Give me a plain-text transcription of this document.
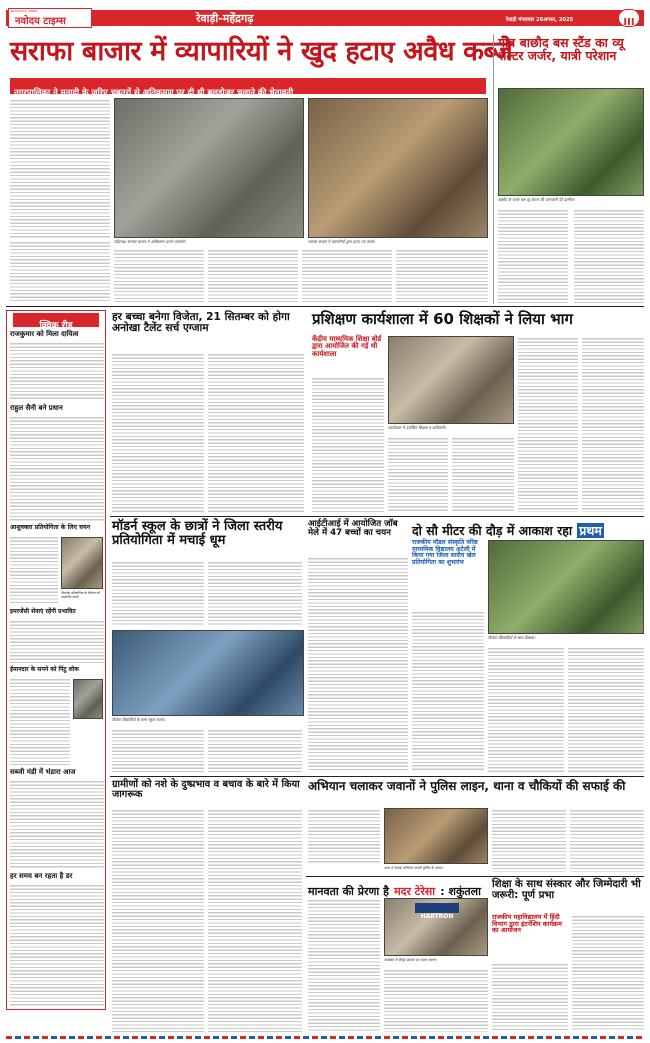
NAVODAYA TIMES
नवोदय टाइम्स	रेवाड़ी-महेंद्रगढ़	रेवाड़ी मंगलवार 26अगस्त, 2025	III
सराफा बाजार में व्यापारियों ने खुद हटाए अवैध कब्जे
नगरपालिका ने मुनादी के जरिए चबूतरों से अतिक्रमण पर दी थी बुलडोजर चलाने की चेतावनी
महेंद्रगढ़। सराफा बाजार में अतिक्रमण हटाते व्यापारी।	सराफा बाजार में व्यापारियों द्वारा हटाए गए कब्जे।
गांव बाछौद बस स्टैंड का व्यू शेल्टर जर्जर, यात्री परेशान
बाछौद के जर्जर बस व्यू शेल्टर की जानकारी देते ग्रामीण।
क्विक रीड
राजकुमार को मिला दायित्व
राहुल सैनी बने प्रधान
आशुवक्ता प्रतियोगिता के लिए चयन
फिटनेस प्रतियोगिता के विजेता को सम्मानित करते।
इमरजेंसी सेवाएं रहेंगी प्रभावित
ईमानदार के सपने को पिंटु लोक
सब्जी मंडी में भंडारा आज
हर समय बन रहता है डर
हर बच्चा बनेगा विजेता, 21 सितम्बर को होगा अनोखा टैलेंट सर्च एग्जाम
प्रशिक्षण कार्यशाला में 60 शिक्षकों ने लिया भाग
केंद्रीय माध्यमिक शिक्षा बोर्ड द्वारा आयोजित की गई थी कार्यशाला
कार्यशाला में उपस्थित शिक्षक व अधिकारी।
मॉडर्न स्कूल के छात्रों ने जिला स्तरीय प्रतियोगिता में मचाई धूम
विजेता विद्यार्थियों के साथ स्कूल स्टाफ।
आईटीआई में आयोजित जॉब मेले में 47 बच्चों का चयन	दो सौ मीटर की दौड़ में आकाश रहा प्रथम
राजकीय मॉडल संस्कृति वरिष्ठ माध्यमिक विद्यालय अटेली में किया गया जिला स्तरीय खेल प्रतियोगिता का शुभारंभ
विजेता खिलाड़ियों के साथ शिक्षक।
ग्रामीणों को नशे के दुष्प्रभाव व बचाव के बारे में किया जागरूक
अभियान चलाकर जवानों ने पुलिस लाइन, थाना व चौकियों की सफाई की
थाना में सफाई अभियान चलाते पुलिस के जवान।
मानवता की प्रेरणा है मदर टेरेसा : शकुंतला
HARTRON
कार्यक्रम में मौजूद छात्राएं एवं स्टाफ सदस्य।
शिक्षा के साथ संस्कार और जिम्मेदारी भी जरूरी: पूर्ण प्रभा
राजकीय महाविद्यालय में हिंदी विभाग द्वारा इंटर्नशिप कार्यक्रम का आयोजन
